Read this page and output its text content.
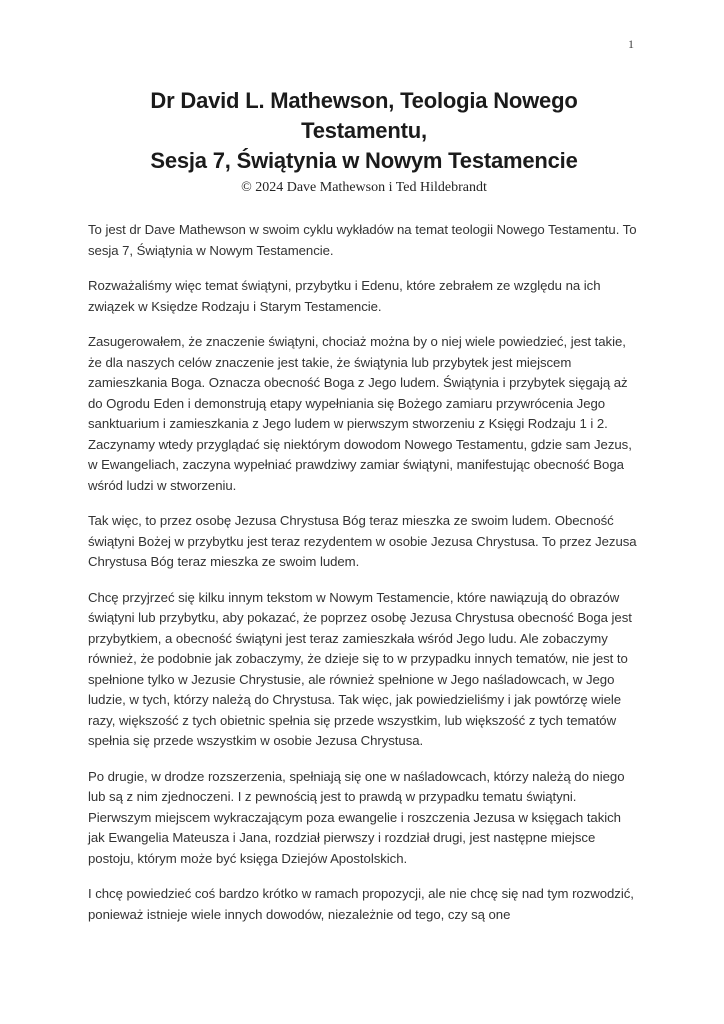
1
Dr David L. Mathewson, Teologia Nowego
Testamentu,
Sesja 7, Świątynia w Nowym Testamencie
© 2024 Dave Mathewson i Ted Hildebrandt

To jest dr Dave Mathewson w swoim cyklu wykładów na temat teologii Nowego Testamentu. To sesja 7, Świątynia w Nowym Testamencie.

Rozważaliśmy więc temat świątyni, przybytku i Edenu, które zebrałem ze względu na ich związek w Księdze Rodzaju i Starym Testamencie.

Zasugerowałem, że znaczenie świątyni, chociaż można by o niej wiele powiedzieć, jest takie, że dla naszych celów znaczenie jest takie, że świątynia lub przybytek jest miejscem zamieszkania Boga. Oznacza obecność Boga z Jego ludem. Świątynia i przybytek sięgają aż do Ogrodu Eden i demonstrują etapy wypełniania się Bożego zamiaru przywrócenia Jego sanktuarium i zamieszkania z Jego ludem w pierwszym stworzeniu z Księgi Rodzaju 1 i 2. Zaczynamy wtedy przyglądać się niektórym dowodom Nowego Testamentu, gdzie sam Jezus, w Ewangeliach, zaczyna wypełniać prawdziwy zamiar świątyni, manifestując obecność Boga wśród ludzi w stworzeniu.

Tak więc, to przez osobę Jezusa Chrystusa Bóg teraz mieszka ze swoim ludem. Obecność świątyni Bożej w przybytku jest teraz rezydentem w osobie Jezusa Chrystusa. To przez Jezusa Chrystusa Bóg teraz mieszka ze swoim ludem.

Chcę przyjrzeć się kilku innym tekstom w Nowym Testamencie, które nawiązują do obrazów świątyni lub przybytku, aby pokazać, że poprzez osobę Jezusa Chrystusa obecność Boga jest przybytkiem, a obecność świątyni jest teraz zamieszkała wśród Jego ludu. Ale zobaczymy również, że podobnie jak zobaczymy, że dzieje się to w przypadku innych tematów, nie jest to spełnione tylko w Jezusie Chrystusie, ale również spełnione w Jego naśladowcach, w Jego ludzie, w tych, którzy należą do Chrystusa. Tak więc, jak powiedzieliśmy i jak powtórzę wiele razy, większość z tych obietnic spełnia się przede wszystkim, lub większość z tych tematów spełnia się przede wszystkim w osobie Jezusa Chrystusa.

Po drugie, w drodze rozszerzenia, spełniają się one w naśladowcach, którzy należą do niego lub są z nim zjednoczeni. I z pewnością jest to prawdą w przypadku tematu świątyni. Pierwszym miejscem wykraczającym poza ewangelie i roszczenia Jezusa w księgach takich jak Ewangelia Mateusza i Jana, rozdział pierwszy i rozdział drugi, jest następne miejsce postoju, którym może być księga Dziejów Apostolskich.

I chcę powiedzieć coś bardzo krótko w ramach propozycji, ale nie chcę się nad tym rozwodzić, ponieważ istnieje wiele innych dowodów, niezależnie od tego, czy są one
